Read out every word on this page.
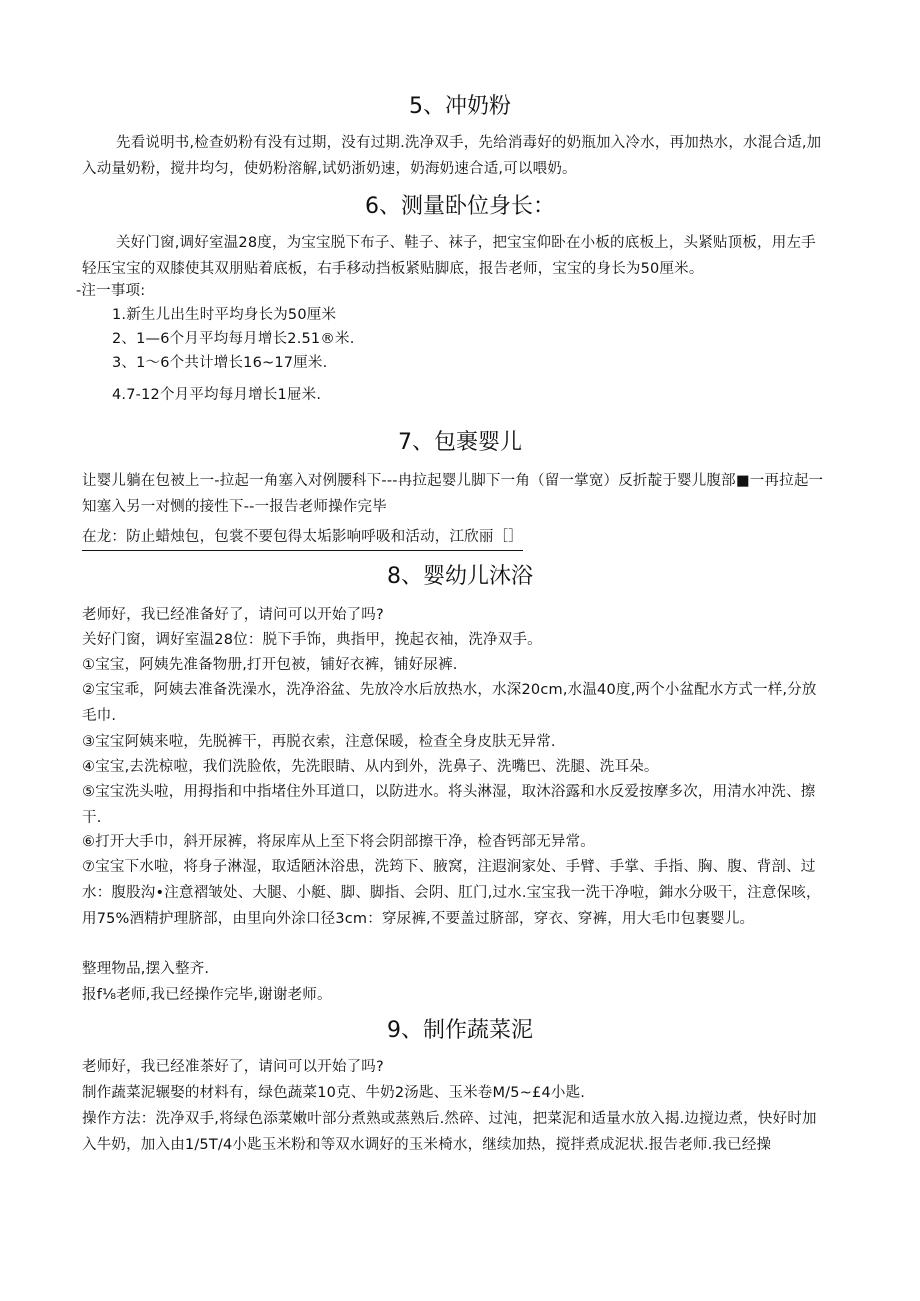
5、冲奶粉

先看说明书,检查奶粉有没有过期，没有过期.洗净双手，先给消毒好的奶瓶加入冷水，再加热水，水混合适,加入动量奶粉，搅井均匀，使奶粉溶解,试奶浙奶速，奶海奶速合适,可以喂奶。

6、测量卧位身长：

关好门窗,调好室温28度，为宝宝脱下布子、鞋子、袜子，把宝宝仰卧在小板的底板上，头紧贴顶板，用左手轻压宝宝的双膝使其双朋贴着底板，右手移动挡板紧贴脚底，报告老师，宝宝的身长为50厘米。

-注一事项:

1.新生儿出生时平均身长为50厘米

2、1—6个月平均每月增长2.51®米.

3、1～6个共计增长16~17厘米.

4.7-12个月平均每月增长1屉米.

7、包裹婴儿

让婴儿躺在包被上一-拉起一角塞入对例腰科下---冉拉起婴儿脚下一角（留一掌宽）反折靛于婴儿腹部■一再拉起一知塞入另一对恻的接性下--一报告老师操作完毕

在龙：防止蜡烛包，包裳不要包得太垢影响呼吸和活动，江欣丽［］

8、婴幼儿沐浴

老师好，我已经准备好了，请问可以开始了吗?

关好门窗，调好室温28位：脱下手饰，典指甲，挽起衣袖，洗净双手。

①宝宝，阿姨先准备物册,打开包被，铺好衣裤，铺好尿裤.

②宝宝乖，阿姨去准备洗澡水，洗净浴盆、先放冷水后放热水，水深20cm,水温40度,两个小盆配水方式一样,分放毛巾.

③宝宝阿姨来啦，先脱裤干，再脱衣索，注意保暖，检查全身皮肤无异常.

④宝宝,去洗椋啦，我们洗脸侬，先洗眼睛、从内到外，洗鼻子、洗嘴巴、洗腿、洗耳朵。

⑤宝宝洗头啦，用拇指和中指堵住外耳道口，以防进水。将头淋湿，取沐浴露和水反爱按摩多次，用清水冲洗、擦干.

⑥打开大手巾，斜开尿裤，将尿库从上至下将会阴部擦干净，检杳钙部无异常。

⑦宝宝下水啦，将身子淋湿，取适陋沐浴患，洗筠下、腋窝，注遐涧家处、手臂、手掌、手指、胸、腹、背剖、过水：腹股沟•注意褶皱处、大腿、小艇、脚、脚指、会阴、肛门,过水.宝宝我一洗干净啦，銟水分吸干，注意保咳，用75%酒精护理脐部，由里向外涂口径3cm：穿尿裤,不要盖过脐部，穿衣、穿裤，用大毛巾包裹婴儿。

整理物品,摆入整齐.

报f⅛老师,我已经操作完毕,谢谢老师。

9、制作蔬菜泥

老师好，我已经准茶好了，请问可以开始了吗?

制作蔬菜泥辗娶的材料有，绿色蔬菜10克、牛奶2汤匙、玉米卷M∕5~£4小匙.

操作方法：洗净双手,将绿色添菜嫩叶部分煮熟或蒸熟后.然碎、过沌，把菜泥和适量水放入揭.边搅边煮，快好时加入牛奶，加入由1/5T/4小匙玉米粉和等双水调好的玉米椅水，继续加热，搅拌煮成泥状.报告老师.我已经操
